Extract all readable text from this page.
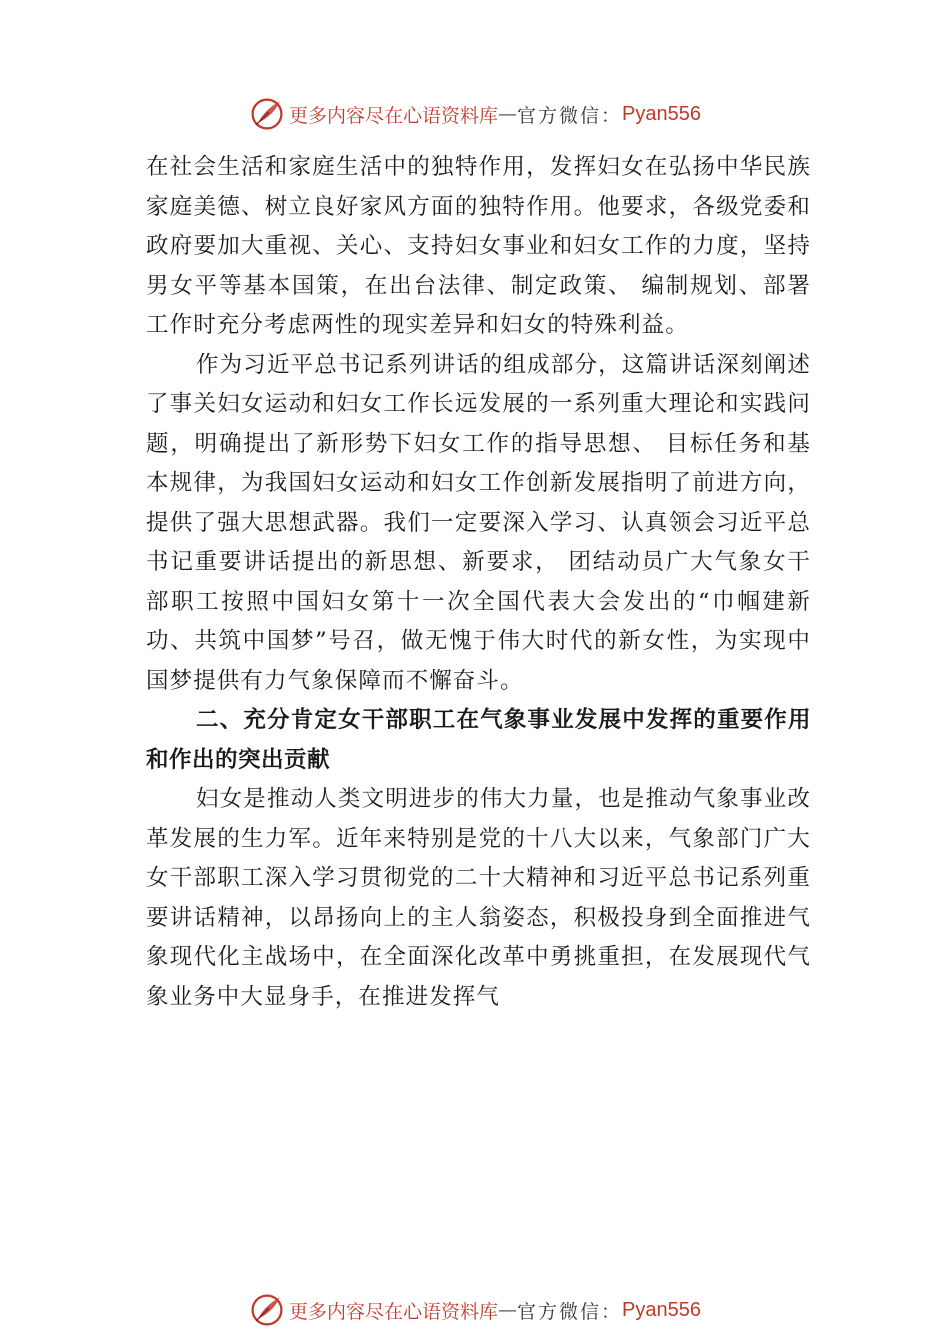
更多内容尽在心语资料库 — 官方微信： Pyan556

在社会生活和家庭生活中的独特作用，发挥妇女在弘扬中华民族家庭美德、树立良好家风方面的独特作用。他要求，各级党委和政府要加大重视、关心、支持妇女事业和妇女工作的力度，坚持男女平等基本国策，在出台法律、制定政策、 编制规划、部署工作时充分考虑两性的现实差异和妇女的特殊利益。

作为习近平总书记系列讲话的组成部分，这篇讲话深刻阐述了事关妇女运动和妇女工作长远发展的一系列重大理论和实践问题，明确提出了新形势下妇女工作的指导思想、 目标任务和基本规律，为我国妇女运动和妇女工作创新发展指明了前进方向，提供了强大思想武器。我们一定要深入学习、认真领会习近平总书记重要讲话提出的新思想、新要求， 团结动员广大气象女干部职工按照中国妇女第十一次全国代表大会发出的“巾帼建新功、共筑中国梦”号召，做无愧于伟大时代的新女性，为实现中国梦提供有力气象保障而不懈奋斗。

二、充分肯定女干部职工在气象事业发展中发挥的重要作用和作出的突出贡献

妇女是推动人类文明进步的伟大力量，也是推动气象事业改革发展的生力军。近年来特别是党的十八大以来，气象部门广大女干部职工深入学习贯彻党的二十大精神和习近平总书记系列重要讲话精神，以昂扬向上的主人翁姿态，积极投身到全面推进气象现代化主战场中，在全面深化改革中勇挑重担，在发展现代气象业务中大显身手，在推进发挥气

更多内容尽在心语资料库 — 官方微信： Pyan556
